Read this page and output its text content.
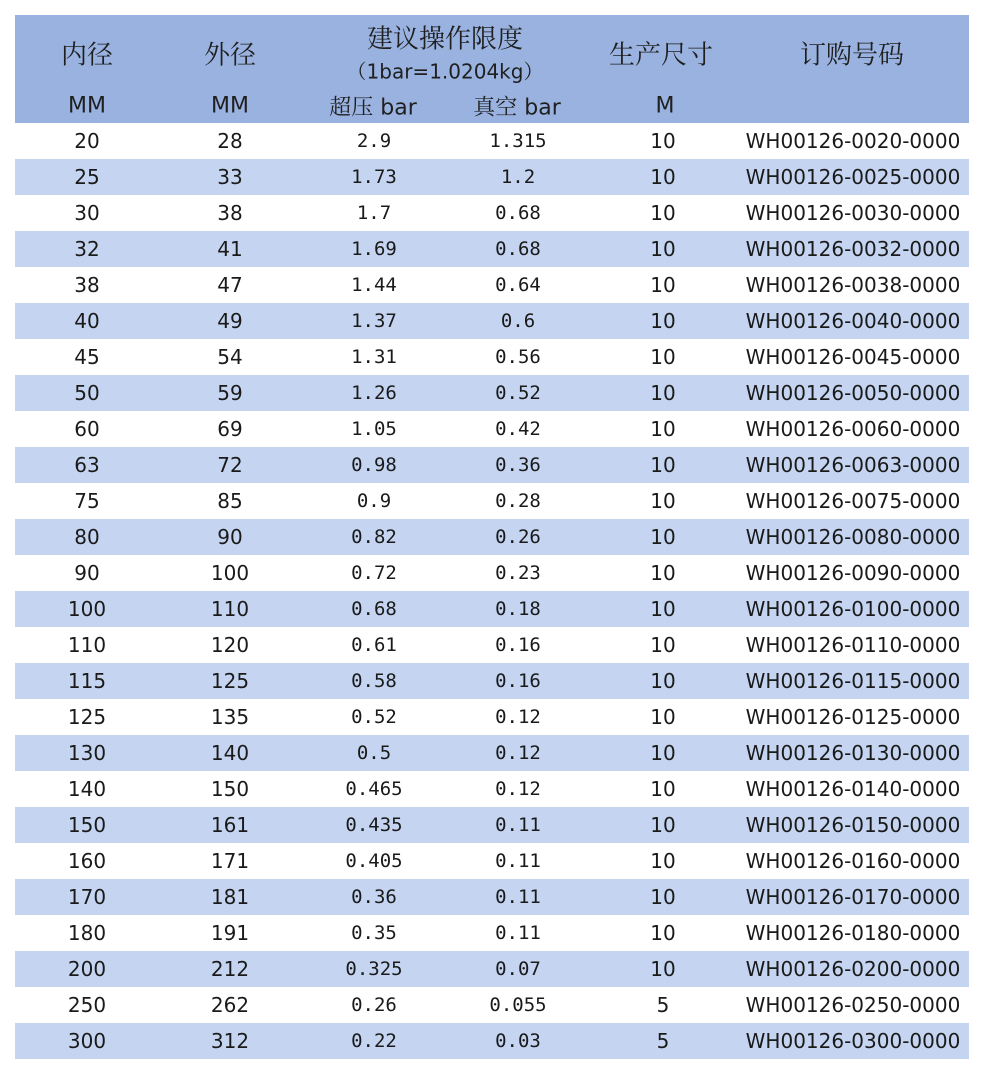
内径	外径
建议操作限度
（1bar=1.0204kg）
生产尺寸	订购号码
MM	MM	超压 bar	真空 bar	M
20	28	2.9	1.315	10	WH00126-0020-0000
25	33	1.73	1.2	10	WH00126-0025-0000
30	38	1.7	0.68	10	WH00126-0030-0000
32	41	1.69	0.68	10	WH00126-0032-0000
38	47	1.44	0.64	10	WH00126-0038-0000
40	49	1.37	0.6	10	WH00126-0040-0000
45	54	1.31	0.56	10	WH00126-0045-0000
50	59	1.26	0.52	10	WH00126-0050-0000
60	69	1.05	0.42	10	WH00126-0060-0000
63	72	0.98	0.36	10	WH00126-0063-0000
75	85	0.9	0.28	10	WH00126-0075-0000
80	90	0.82	0.26	10	WH00126-0080-0000
90	100	0.72	0.23	10	WH00126-0090-0000
100	110	0.68	0.18	10	WH00126-0100-0000
110	120	0.61	0.16	10	WH00126-0110-0000
115	125	0.58	0.16	10	WH00126-0115-0000
125	135	0.52	0.12	10	WH00126-0125-0000
130	140	0.5	0.12	10	WH00126-0130-0000
140	150	0.465	0.12	10	WH00126-0140-0000
150	161	0.435	0.11	10	WH00126-0150-0000
160	171	0.405	0.11	10	WH00126-0160-0000
170	181	0.36	0.11	10	WH00126-0170-0000
180	191	0.35	0.11	10	WH00126-0180-0000
200	212	0.325	0.07	10	WH00126-0200-0000
250	262	0.26	0.055	5	WH00126-0250-0000
300	312	0.22	0.03	5	WH00126-0300-0000
